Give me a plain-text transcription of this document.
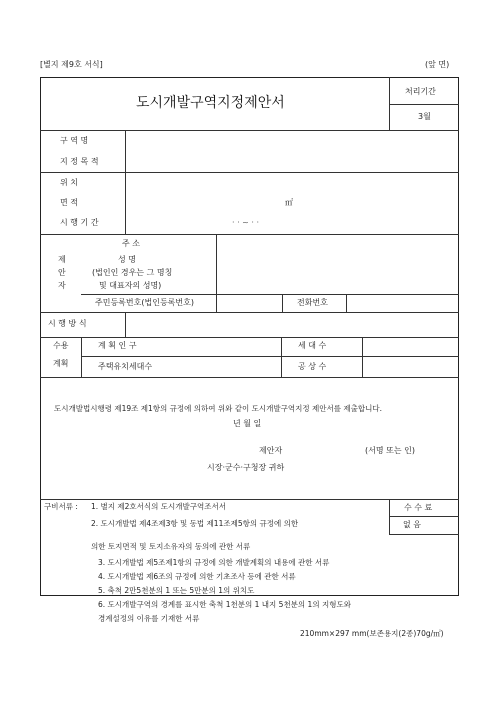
[별지 제9호 서식]	(앞 면)
도시개발구역지정제안서
처리기간
3월
구 역 명
지 정 목 적
위 치
면 적	㎡
시 행 기 간	· · ~ · ·
제
안
자
주 소
성 명
(법인인 경우는 그 명칭
및 대표자의 성명)
주민등록번호(법인등록번호)	전화번호
시 행 방 식
수용
계획
계 획 인 구	세 대 수
주택유치세대수	공 상 수
도시개발법시행령 제19조 제1항의 규정에 의하여 위와 같이 도시개발구역지정 제안서를 제출합니다.
년 월 일
제안자	(서명 또는 인)
시장·군수·구청장 귀하
구비서류 : 1. 별지 제2호서식의 도시개발구역조서서
2. 도시개발법 제4조제3항 및 동법 제11조제5항의 규정에 의한
의한 토지면적 및 토지소유자의 동의에 관한 서류
3. 도시개발법 제5조제1항의 규정에 의한 개발계획의 내용에 관한 서류
4. 도시개발법 제6조의 규정에 의한 기초조사 등에 관한 서류
5. 축척 2만5천분의 1 또는 5만분의 1의 위치도
6. 도시개발구역의 경계를 표시한 축척 1천분의 1 내지 5천분의 1의 지형도와
경계설정의 이유를 기재한 서류
수 수 료
없 음
210mm×297 mm(보존용지(2종)70g/㎡)
